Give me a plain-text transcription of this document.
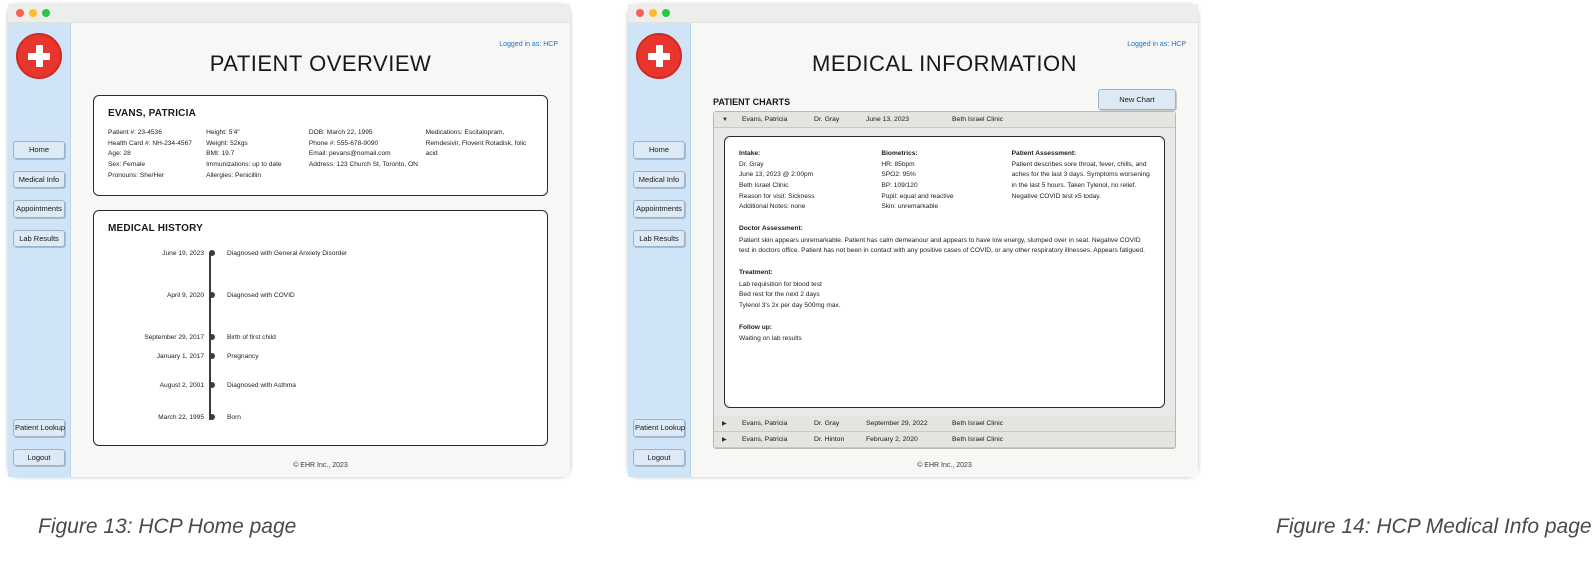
Home
Medical Info
Appointments
Lab Results
Patient Lookup
Logout
Logged in as: HCP
PATIENT OVERVIEW
EVANS, PATRICIA
Patient #: 23-4536
Health Card #: NH-234-4567
Age: 28
Sex: Female
Pronouns: She/Her
Height: 5'4"
Weight: 52kgs
BMI: 19.7
Immunizations: up to date
Allergies: Penicillin
DOB: March 22, 1995
Phone #: 555-678-9090
Email: pevans@nomail.com
Address: 123 Church St, Toronto, ON
Medications: Escitalopram, Remdesivir, Flovent Rotadisk, folic acid
MEDICAL HISTORY
June 19, 2023	Diagnosed with General Anxiety Disorder
April 9, 2020	Diagnosed with COVID
September 29, 2017	Birth of first child
January 1, 2017	Pregnancy
August 2, 2001	Diagnosed with Asthma
March 22, 1995	Born
© EHR Inc., 2023
Figure 13: HCP Home page
Home
Medical Info
Appointments
Lab Results
Patient Lookup
Logout
Logged in as: HCP
MEDICAL INFORMATION
PATIENT CHARTS	New Chart
▼	Evans, Patricia	Dr. Gray	June 13, 2023	Beth Israel Clinic
Intake:
Dr. Gray
June 13, 2023 @ 2:00pm
Beth Israel Clinic
Reason for visit: Sickness
Additional Notes: none
Biometrics:
HR: 85bpm
SPO2: 95%
BP: 109/120
Pupil: equal and reactive
Skin: unremarkable
Patient Assessment:
Patient describes sore throat, fever, chills, and aches for the last 3 days. Symptoms worsening in the last 5 hours. Taken Tylenol, no relief. Negative COVID test x5 today.
Doctor Assessment:
Patient skin appears unremarkable. Patient has calm demeanour and appears to have low energy, slumped over in seat. Negative COVID test in doctors office. Patient has not been in contact with any positive cases of COVID, or any other respiratory illnesses. Appears fatigued.
Treatment:
Lab requisition for blood test
Bed rest for the next 2 days
Tylenol 3's 2x per day 500mg max.
Follow up:
Waiting on lab results
▶	Evans, Patricia	Dr. Gray	September 29, 2022	Beth Israel Clinic
▶	Evans, Patricia	Dr. Hinton	February 2, 2020	Beth Israel Clinic
© EHR Inc., 2023
Figure 14: HCP Medical Info page
